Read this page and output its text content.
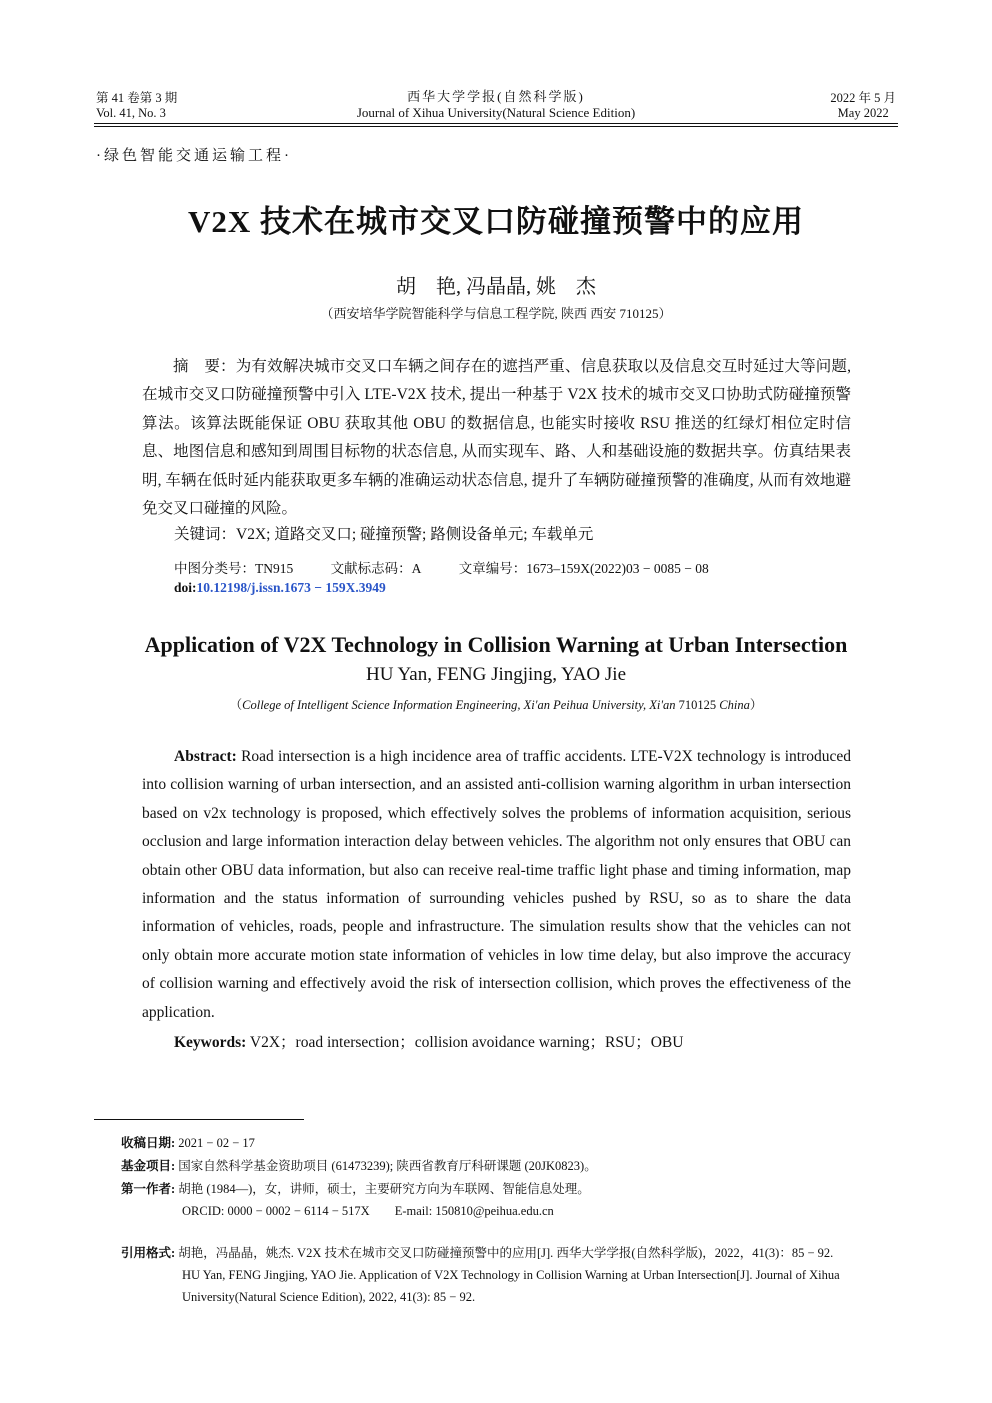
第 41 卷第 3 期
Vol. 41, No. 3
西华大学学报(自然科学版)
Journal of Xihua University(Natural Science Edition)
2022 年 5 月
May 2022
·绿色智能交通运输工程·
V2X 技术在城市交叉口防碰撞预警中的应用
胡　艳, 冯晶晶, 姚　杰
（西安培华学院智能科学与信息工程学院, 陕西 西安 710125）
摘　要：为有效解决城市交叉口车辆之间存在的遮挡严重、信息获取以及信息交互时延过大等问题, 在城市交叉口防碰撞预警中引入 LTE-V2X 技术, 提出一种基于 V2X 技术的城市交叉口协助式防碰撞预警算法。该算法既能保证 OBU 获取其他 OBU 的数据信息, 也能实时接收 RSU 推送的红绿灯相位定时信息、地图信息和感知到周围目标物的状态信息, 从而实现车、路、人和基础设施的数据共享。仿真结果表明, 车辆在低时延内能获取更多车辆的准确运动状态信息, 提升了车辆防碰撞预警的准确度, 从而有效地避免交叉口碰撞的风险。
关键词：V2X; 道路交叉口; 碰撞预警; 路侧设备单元; 车载单元
中图分类号：TN915	文献标志码：A	文章编号：1673–159X(2022)03 − 0085 − 08
doi:10.12198/j.issn.1673 − 159X.3949
Application of V2X Technology in Collision Warning at Urban Intersection
HU Yan, FENG Jingjing, YAO Jie
（College of Intelligent Science Information Engineering, Xi'an Peihua University, Xi'an 710125 China）
Abstract: Road intersection is a high incidence area of traffic accidents. LTE-V2X technology is introduced into collision warning of urban intersection, and an assisted anti-collision warning algorithm in urban intersection based on v2x technology is proposed, which effectively solves the problems of information acquisition, serious occlusion and large information interaction delay between vehicles. The algorithm not only ensures that OBU can obtain other OBU data information, but also can receive real-time traffic light phase and timing information, map information and the status information of surrounding vehicles pushed by RSU, so as to share the data information of vehicles, roads, people and infrastructure. The simulation results show that the vehicles can not only obtain more accurate motion state information of vehicles in low time delay, but also improve the accuracy of collision warning and effectively avoid the risk of intersection collision, which proves the effectiveness of the application.
Keywords: V2X；road intersection；collision avoidance warning；RSU；OBU
收稿日期: 2021 − 02 − 17
基金项目: 国家自然科学基金资助项目 (61473239); 陕西省教育厅科研课题 (20JK0823)。
第一作者: 胡艳 (1984—)，女，讲师，硕士，主要研究方向为车联网、智能信息处理。
ORCID: 0000 − 0002 − 6114 − 517X　　E-mail: 150810@peihua.edu.cn
引用格式: 胡艳，冯晶晶，姚杰. V2X 技术在城市交叉口防碰撞预警中的应用[J]. 西华大学学报(自然科学版)，2022，41(3)：85 − 92.
HU Yan, FENG Jingjing, YAO Jie. Application of V2X Technology in Collision Warning at Urban Intersection[J]. Journal of Xihua
University(Natural Science Edition), 2022, 41(3): 85 − 92.
